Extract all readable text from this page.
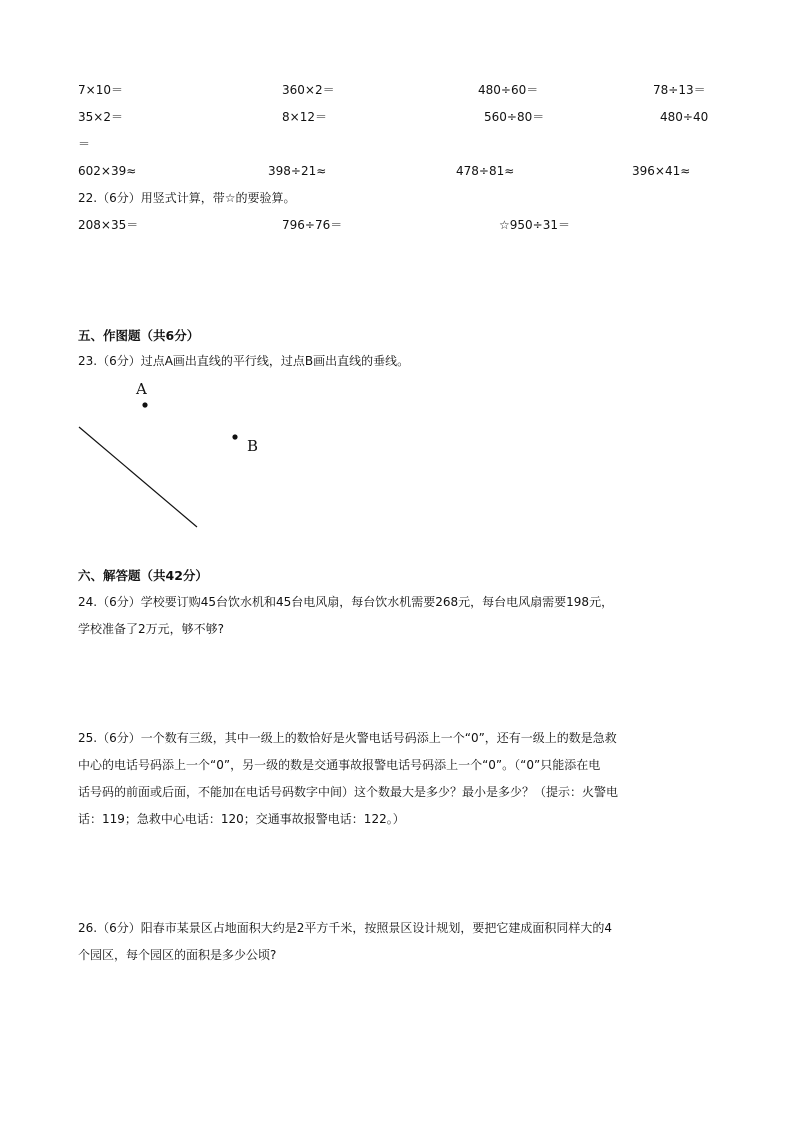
7×10＝	360×2＝	480÷60＝	78÷13＝
35×2＝	8×12＝	560÷80＝	480÷40
＝
602×39≈	398÷21≈	478÷81≈	396×41≈
22.（6分）用竖式计算，带☆的要验算。
208×35＝	796÷76＝	☆950÷31＝
五、作图题（共6分）
23.（6分）过点A画出直线的平行线，过点B画出直线的垂线。
A
B
六、解答题（共42分）
24.（6分）学校要订购45台饮水机和45台电风扇，每台饮水机需要268元，每台电风扇需要198元，
学校准备了2万元，够不够?
25.（6分）一个数有三级，其中一级上的数恰好是火警电话号码添上一个“0”，还有一级上的数是急救
中心的电话号码添上一个“0”，另一级的数是交通事故报警电话号码添上一个“0”。（“0”只能添在电
话号码的前面或后面，不能加在电话号码数字中间）这个数最大是多少？最小是多少？（提示：火警电
话：119；急救中心电话：120；交通事故报警电话：122。）
26.（6分）阳春市某景区占地面积大约是2平方千米，按照景区设计规划，要把它建成面积同样大的4
个园区，每个园区的面积是多少公顷?
